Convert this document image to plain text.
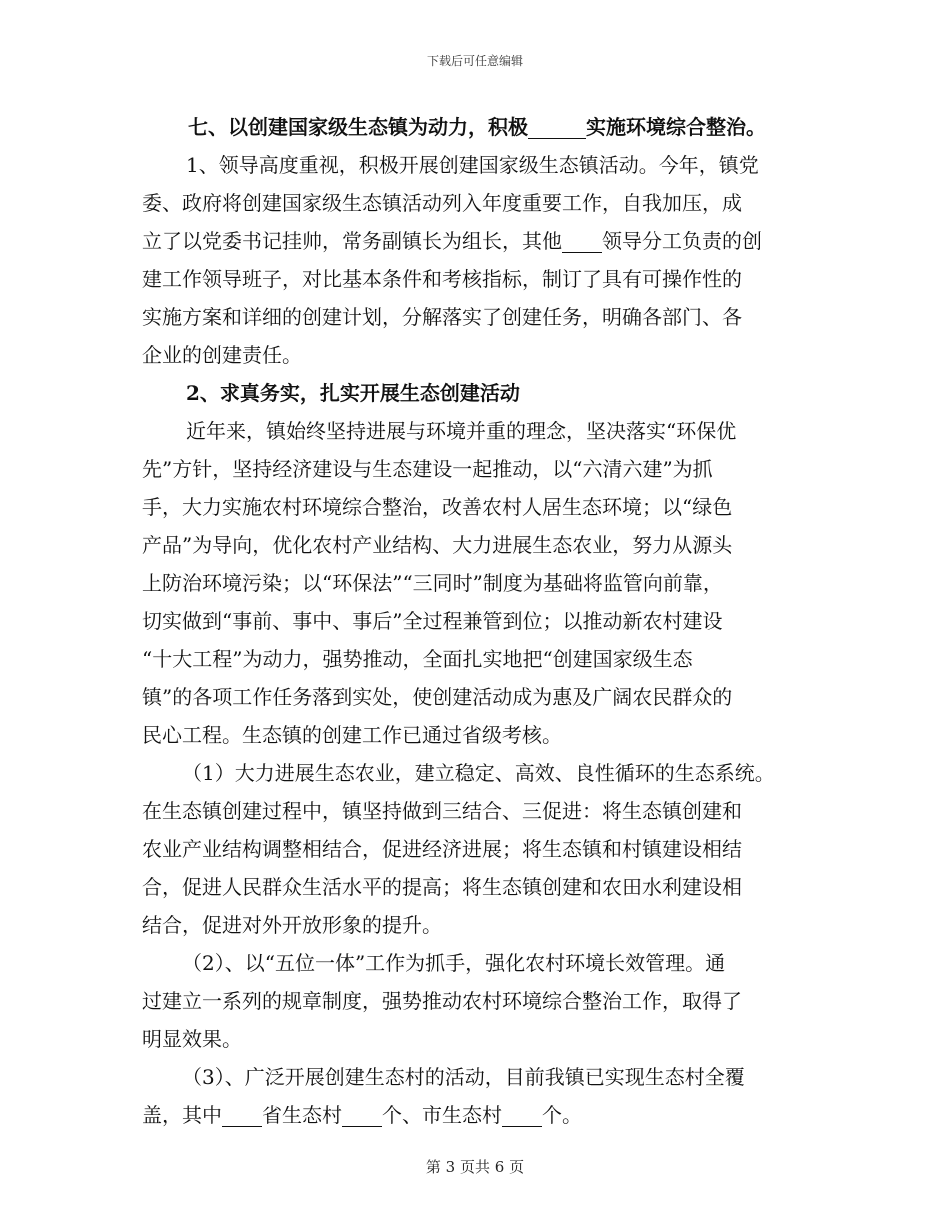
下载后可任意编辑
七、以创建国家级生态镇为动力，积极	实施环境综合整治。
1、领导高度重视，积极开展创建国家级生态镇活动。今年，镇党
委、政府将创建国家级生态镇活动列入年度重要工作，自我加压，成
立了以党委书记挂帅，常务副镇长为组长，其他 领导分工负责的创
建工作领导班子，对比基本条件和考核指标，制订了具有可操作性的
实施方案和详细的创建计划，分解落实了创建任务，明确各部门、各
企业的创建责任。
2、求真务实，扎实开展生态创建活动
近年来，镇始终坚持进展与环境并重的理念，坚决落实“环保优
先”方针，坚持经济建设与生态建设一起推动，以“六清六建”为抓
手，大力实施农村环境综合整治，改善农村人居生态环境；以“绿色
产品”为导向，优化农村产业结构、大力进展生态农业，努力从源头
上防治环境污染；以“环保法”“三同时”制度为基础将监管向前靠，
切实做到“事前、事中、事后”全过程兼管到位；以推动新农村建设
“十大工程”为动力，强势推动，全面扎实地把“创建国家级生态
镇”的各项工作任务落到实处，使创建活动成为惠及广阔农民群众的
民心工程。生态镇的创建工作已通过省级考核。
（1）大力进展生态农业，建立稳定、高效、良性循环的生态系统。
在生态镇创建过程中，镇坚持做到三结合、三促进：将生态镇创建和
农业产业结构调整相结合，促进经济进展；将生态镇和村镇建设相结
合，促进人民群众生活水平的提高；将生态镇创建和农田水利建设相
结合，促进对外开放形象的提升。
（2）、以“五位一体”工作为抓手，强化农村环境长效管理。通
过建立一系列的规章制度，强势推动农村环境综合整治工作，取得了
明显效果。
（3）、广泛开展创建生态村的活动，目前我镇已实现生态村全覆
盖，其中 省生态村 个、市生态村 个。
第 3 页共 6 页
